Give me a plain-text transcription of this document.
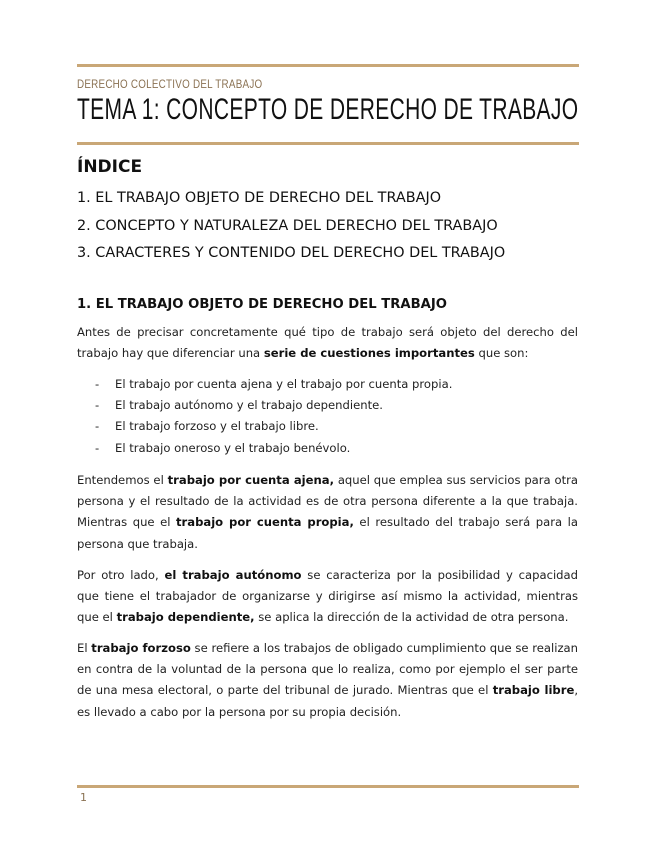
DERECHO COLECTIVO DEL TRABAJO
TEMA 1: CONCEPTO DE DERECHO DE TRABAJO
ÍNDICE
1. EL TRABAJO OBJETO DE DERECHO DEL TRABAJO
2. CONCEPTO Y NATURALEZA DEL DERECHO DEL TRABAJO
3. CARACTERES Y CONTENIDO DEL DERECHO DEL TRABAJO
1. EL TRABAJO OBJETO DE DERECHO DEL TRABAJO

Antes de precisar concretamente qué tipo de trabajo será objeto del derecho del trabajo hay que diferenciar una serie de cuestiones importantes que son:

- El trabajo por cuenta ajena y el trabajo por cuenta propia.
- El trabajo autónomo y el trabajo dependiente.
- El trabajo forzoso y el trabajo libre.
- El trabajo oneroso y el trabajo benévolo.

Entendemos el trabajo por cuenta ajena, aquel que emplea sus servicios para otra persona y el resultado de la actividad es de otra persona diferente a la que trabaja. Mientras que el trabajo por cuenta propia, el resultado del trabajo será para la persona que trabaja.

Por otro lado, el trabajo autónomo se caracteriza por la posibilidad y capacidad que tiene el trabajador de organizarse y dirigirse así mismo la actividad, mientras que el trabajo dependiente, se aplica la dirección de la actividad de otra persona.

El trabajo forzoso se refiere a los trabajos de obligado cumplimiento que se realizan en contra de la voluntad de la persona que lo realiza, como por ejemplo el ser parte de una mesa electoral, o parte del tribunal de jurado. Mientras que el trabajo libre, es llevado a cabo por la persona por su propia decisión.

1
